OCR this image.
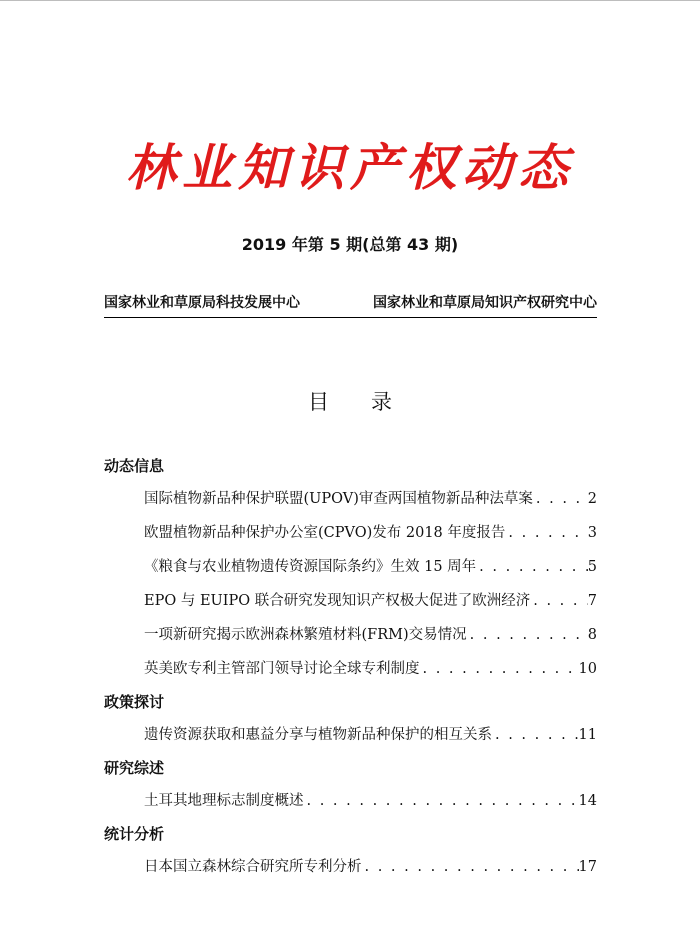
林业知识产权动态
2019 年第 5 期(总第 43 期)
国家林业和草原局科技发展中心	国家林业和草原局知识产权研究中心
目录
动态信息
国际植物新品种保护联盟(UPOV)审查两国植物新品种法草案 . . .	2
欧盟植物新品种保护办公室(CPVO)发布 2018 年度报告 . . .	3
《粮食与农业植物遗传资源国际条约》生效 15 周年 . . .	5
EPO 与 EUIPO 联合研究发现知识产权极大促进了欧洲经济 . . .	7
一项新研究揭示欧洲森林繁殖材料(FRM)交易情况 . . .	8
英美欧专利主管部门领导讨论全球专利制度 . . .	10
政策探讨
遗传资源获取和惠益分享与植物新品种保护的相互关系 . . .	11
研究综述
土耳其地理标志制度概述 . . .	14
统计分析
日本国立森林综合研究所专利分析 . . .	17
